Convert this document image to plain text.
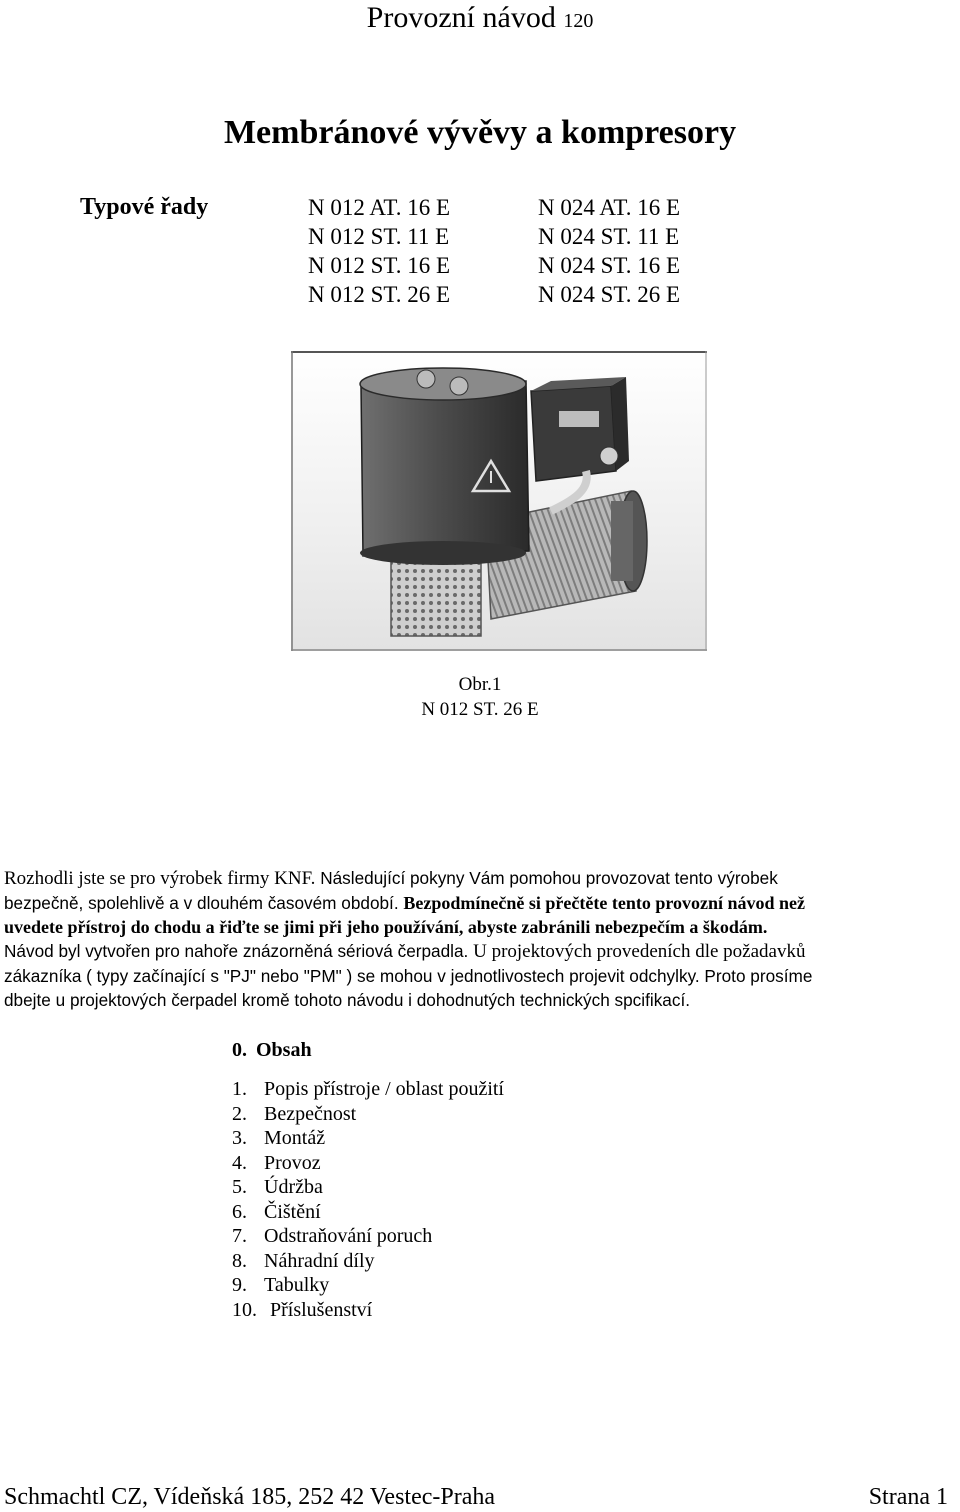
Provozní návod 120
Membránové vývěvy a kompresory
Typové řady	N 012 AT. 16 E
N 012 ST. 11 E
N 012 ST. 16 E
N 012 ST. 26 E
N 024 AT. 16 E
N 024 ST. 11 E
N 024 ST. 16 E
N 024 ST. 26 E
Obr.1
N 012 ST. 26 E

Rozhodli jste se pro výrobek firmy KNF. Následující pokyny Vám pomohou provozovat tento výrobek

bezpečně, spolehlivě a v dlouhém časovém období. Bezpodmínečně si přečtěte tento provozní návod než

uvedete přístroj do chodu a řiďte se jimi při jeho používání, abyste zabránili nebezpečím a škodám.

Návod byl vytvořen pro nahoře znázorněná sériová čerpadla. U projektových provedeních dle požadavků

zákazníka ( typy začínající s "PJ" nebo "PM" ) se mohou v jednotlivostech projevit odchylky. Proto prosíme

dbejte u projektových čerpadel kromě tohoto návodu i dohodnutých technických spcifikací.

0. Obsah
1. Popis přístroje / oblast použití
2. Bezpečnost
3. Montáž
4. Provoz
5. Údržba
6. Čištění
7. Odstraňování poruch
8. Náhradní díly
9. Tabulky
10. Příslušenství
Schmachtl CZ, Vídeňská 185, 252 42 Vestec-Praha	Strana 1
